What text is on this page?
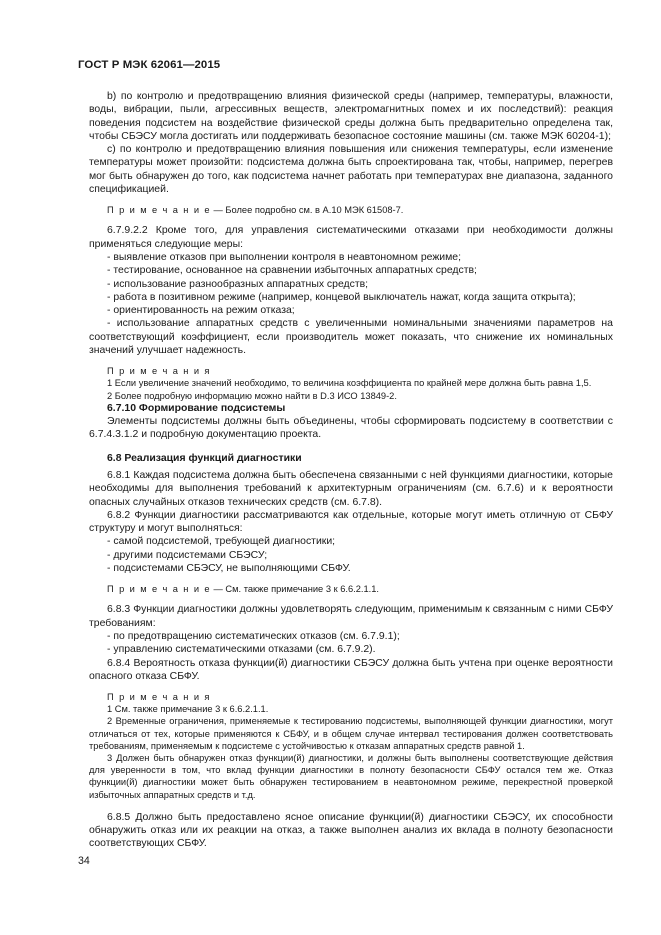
ГОСТ Р МЭК 62061—2015

b) по контролю и предотвращению влияния физической среды (например, температуры, влажности, воды, вибрации, пыли, агрессивных веществ, электромагнитных помех и их последствий): реакция поведения подсистем на воздействие физической среды должна быть предварительно определена так, чтобы СБЭСУ могла достигать или поддерживать безопасное состояние машины (см. также МЭК 60204-1);

c) по контролю и предотвращению влияния повышения или снижения температуры, если изменение температуры может произойти: подсистема должна быть спроектирована так, чтобы, например, перегрев мог быть обнаружен до того, как подсистема начнет работать при температурах вне диапазона, заданного спецификацией.

П р и м е ч а н и е — Более подробно см. в А.10 МЭК 61508-7.

6.7.9.2.2 Кроме того, для управления систематическими отказами при необходимости должны применяться следующие меры:

- выявление отказов при выполнении контроля в неавтономном режиме;

- тестирование, основанное на сравнении избыточных аппаратных средств;

- использование разнообразных аппаратных средств;

- работа в позитивном режиме (например, концевой выключатель нажат, когда защита открыта);

- ориентированность на режим отказа;

- использование аппаратных средств с увеличенными номинальными значениями параметров на соответствующий коэффициент, если производитель может показать, что снижение их номинальных значений улучшает надежность.

П р и м е ч а н и я

1 Если увеличение значений необходимо, то величина коэффициента по крайней мере должна быть равна 1,5.

2 Более подробную информацию можно найти в D.3 ИСО 13849-2.

6.7.10 Формирование подсистемы

Элементы подсистемы должны быть объединены, чтобы сформировать подсистему в соответствии с 6.7.4.3.1.2 и подробную документацию проекта.

6.8 Реализация функций диагностики

6.8.1 Каждая подсистема должна быть обеспечена связанными с ней функциями диагностики, которые необходимы для выполнения требований к архитектурным ограничениям (см. 6.7.6) и к вероятности опасных случайных отказов технических средств (см. 6.7.8).

6.8.2 Функции диагностики рассматриваются как отдельные, которые могут иметь отличную от СБФУ структуру и могут выполняться:

- самой подсистемой, требующей диагностики;

- другими подсистемами СБЭСУ;

- подсистемами СБЭСУ, не выполняющими СБФУ.

П р и м е ч а н и е — См. также примечание 3 к 6.6.2.1.1.

6.8.3 Функции диагностики должны удовлетворять следующим, применимым к связанным с ними СБФУ требованиям:

- по предотвращению систематических отказов (см. 6.7.9.1);

- управлению систематическими отказами (см. 6.7.9.2).

6.8.4 Вероятность отказа функции(й) диагностики СБЭСУ должна быть учтена при оценке вероятности опасного отказа СБФУ.

П р и м е ч а н и я

1 См. также примечание 3 к 6.6.2.1.1.

2 Временные ограничения, применяемые к тестированию подсистемы, выполняющей функции диагностики, могут отличаться от тех, которые применяются к СБФУ, и в общем случае интервал тестирования должен соответствовать требованиям, применяемым к подсистеме с устойчивостью к отказам аппаратных средств равной 1.

3 Должен быть обнаружен отказ функции(й) диагностики, и должны быть выполнены соответствующие действия для уверенности в том, что вклад функции диагностики в полноту безопасности СБФУ остался тем же. Отказ функции(й) диагностики может быть обнаружен тестированием в неавтономном режиме, перекрестной проверкой избыточных аппаратных средств и т.д.

6.8.5 Должно быть предоставлено ясное описание функции(й) диагностики СБЭСУ, их способности обнаружить отказ или их реакции на отказ, а также выполнен анализ их вклада в полноту безопасности соответствующих СБФУ.

34
